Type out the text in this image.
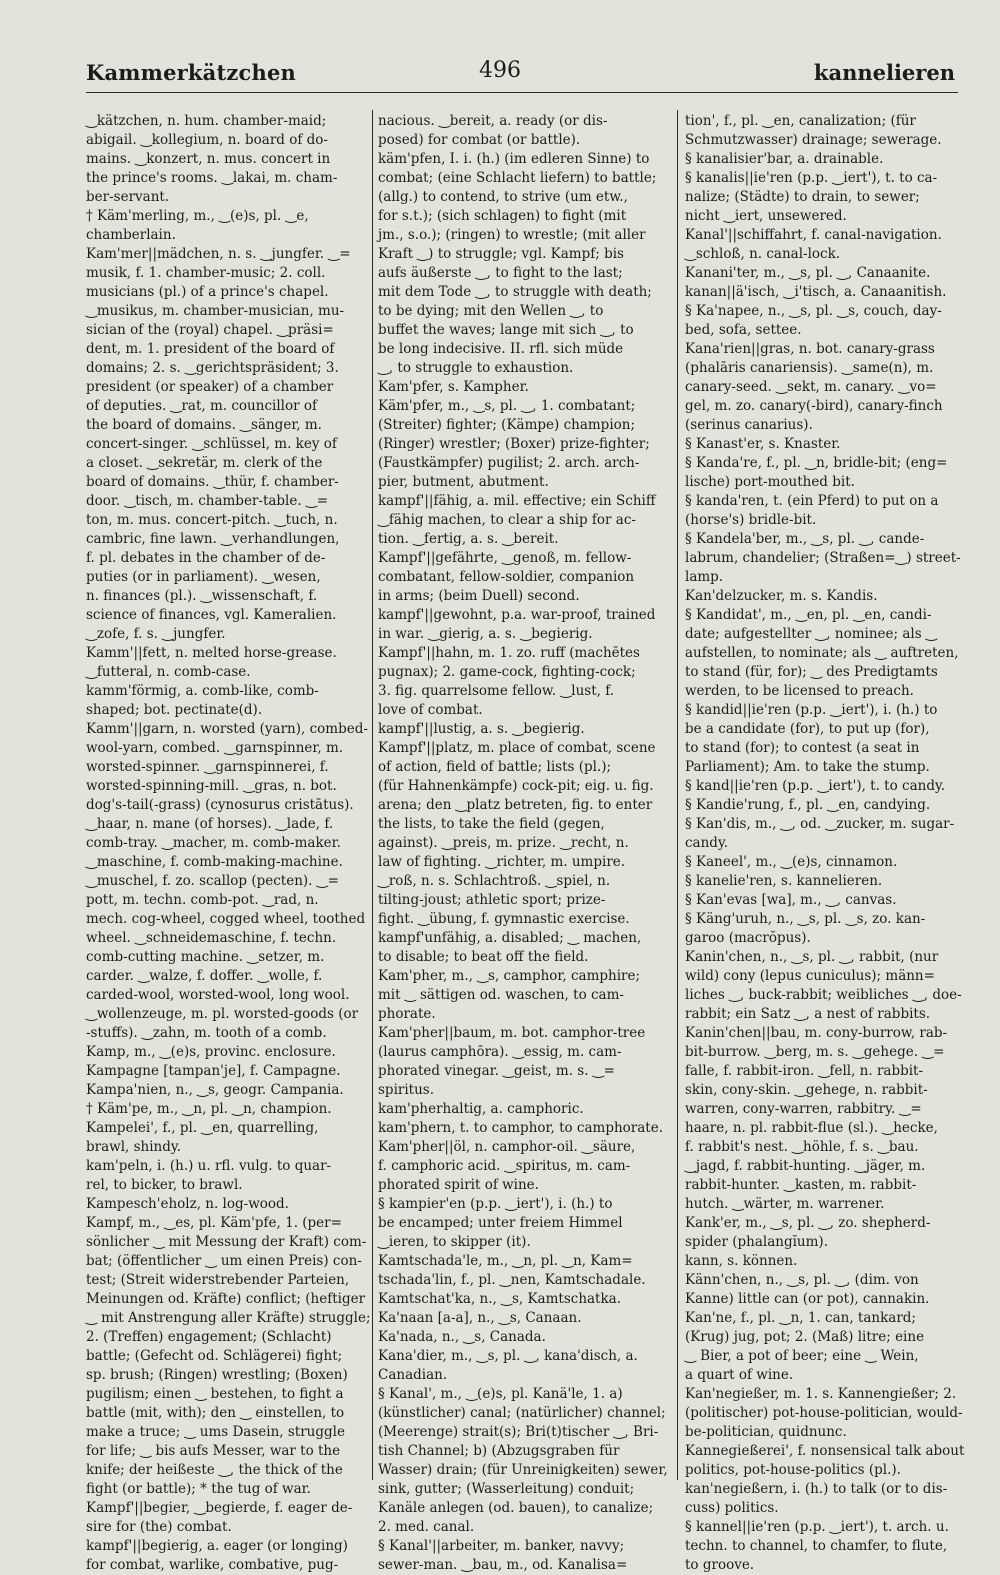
Kammerkätzchen	496	kannelieren
‿kätzchen, n. hum. chamber-maid;
abigail. ‿kollegium, n. board of do-
mains. ‿konzert, n. mus. concert in
the prince's rooms. ‿lakai, m. cham-
ber-servant.
† Käm'merling, m., ‿(e)s, pl. ‿e,
chamberlain.
Kam'mer||mädchen, n. s. ‿jungfer. ‿=
musik, f. 1. chamber-music; 2. coll.
musicians (pl.) of a prince's chapel.
‿musikus, m. chamber-musician, mu-
sician of the (royal) chapel. ‿präsi=
dent, m. 1. president of the board of
domains; 2. s. ‿gerichtspräsident; 3.
president (or speaker) of a chamber
of deputies. ‿rat, m. councillor of
the board of domains. ‿sänger, m.
concert-singer. ‿schlüssel, m. key of
a closet. ‿sekretär, m. clerk of the
board of domains. ‿thür, f. chamber-
door. ‿tisch, m. chamber-table. ‿=
ton, m. mus. concert-pitch. ‿tuch, n.
cambric, fine lawn. ‿verhandlungen,
f. pl. debates in the chamber of de-
puties (or in parliament). ‿wesen,
n. finances (pl.). ‿wissenschaft, f.
science of finances, vgl. Kameralien.
‿zofe, f. s. ‿jungfer.
Kamm'||fett, n. melted horse-grease.
‿futteral, n. comb-case.
kamm'förmig, a. comb-like, comb-
shaped; bot. pectinate(d).
Kamm'||garn, n. worsted (yarn), combed-
wool-yarn, combed. ‿garnspinner, m.
worsted-spinner. ‿garnspinnerei, f.
worsted-spinning-mill. ‿gras, n. bot.
dog's-tail(-grass) (cynosurus cristātus).
‿haar, n. mane (of horses). ‿lade, f.
comb-tray. ‿macher, m. comb-maker.
‿maschine, f. comb-making-machine.
‿muschel, f. zo. scallop (pecten). ‿=
pott, m. techn. comb-pot. ‿rad, n.
mech. cog-wheel, cogged wheel, toothed
wheel. ‿schneidemaschine, f. techn.
comb-cutting machine. ‿setzer, m.
carder. ‿walze, f. doffer. ‿wolle, f.
carded-wool, worsted-wool, long wool.
‿wollenzeuge, m. pl. worsted-goods (or
-stuffs). ‿zahn, m. tooth of a comb.
Kamp, m., ‿(e)s, provinc. enclosure.
Kampagne [tampan'je], f. Campagne.
Kampa'nien, n., ‿s, geogr. Campania.
† Käm'pe, m., ‿n, pl. ‿n, champion.
Kampelei', f., pl. ‿en, quarrelling,
brawl, shindy.
kam'peln, i. (h.) u. rfl. vulg. to quar-
rel, to bicker, to brawl.
Kampesch'eholz, n. log-wood.
Kampf, m., ‿es, pl. Käm'pfe, 1. (per=
sönlicher ‿ mit Messung der Kraft) com-
bat; (öffentlicher ‿ um einen Preis) con-
test; (Streit widerstrebender Parteien,
Meinungen od. Kräfte) conflict; (heftiger
‿ mit Anstrengung aller Kräfte) struggle;
2. (Treffen) engagement; (Schlacht)
battle; (Gefecht od. Schlägerei) fight;
sp. brush; (Ringen) wrestling; (Boxen)
pugilism; einen ‿ bestehen, to fight a
battle (mit, with); den ‿ einstellen, to
make a truce; ‿ ums Dasein, struggle
for life; ‿ bis aufs Messer, war to the
knife; der heißeste ‿, the thick of the
fight (or battle); * the tug of war.
Kampf'||begier, ‿begierde, f. eager de-
sire for (the) combat.
kampf'||begierig, a. eager (or longing)
for combat, warlike, combative, pug-
nacious. ‿bereit, a. ready (or dis-
posed) for combat (or battle).
käm'pfen, I. i. (h.) (im edleren Sinne) to
combat; (eine Schlacht liefern) to battle;
(allg.) to contend, to strive (um etw.,
for s.t.); (sich schlagen) to fight (mit
jm., s.o.); (ringen) to wrestle; (mit aller
Kraft ‿) to struggle; vgl. Kampf; bis
aufs äußerste ‿, to fight to the last;
mit dem Tode ‿, to struggle with death;
to be dying; mit den Wellen ‿, to
buffet the waves; lange mit sich ‿, to
be long indecisive. II. rfl. sich müde
‿, to struggle to exhaustion.
Kam'pfer, s. Kampher.
Käm'pfer, m., ‿s, pl. ‿, 1. combatant;
(Streiter) fighter; (Kämpe) champion;
(Ringer) wrestler; (Boxer) prize-fighter;
(Faustkämpfer) pugilist; 2. arch. arch-
pier, butment, abutment.
kampf'||fähig, a. mil. effective; ein Schiff
‿fähig machen, to clear a ship for ac-
tion. ‿fertig, a. s. ‿bereit.
Kampf'||gefährte, ‿genoß, m. fellow-
combatant, fellow-soldier, companion
in arms; (beim Duell) second.
kampf'||gewohnt, p.a. war-proof, trained
in war. ‿gierig, a. s. ‿begierig.
Kampf'||hahn, m. 1. zo. ruff (machētes
pugnax); 2. game-cock, fighting-cock;
3. fig. quarrelsome fellow. ‿lust, f.
love of combat.
kampf'||lustig, a. s. ‿begierig.
Kampf'||platz, m. place of combat, scene
of action, field of battle; lists (pl.);
(für Hahnenkämpfe) cock-pit; eig. u. fig.
arena; den ‿platz betreten, fig. to enter
the lists, to take the field (gegen,
against). ‿preis, m. prize. ‿recht, n.
law of fighting. ‿richter, m. umpire.
‿roß, n. s. Schlachtroß. ‿spiel, n.
tilting-joust; athletic sport; prize-
fight. ‿übung, f. gymnastic exercise.
kampf'unfähig, a. disabled; ‿ machen,
to disable; to beat off the field.
Kam'pher, m., ‿s, camphor, camphire;
mit ‿ sättigen od. waschen, to cam-
phorate.
Kam'pher||baum, m. bot. camphor-tree
(laurus camphōra). ‿essig, m. cam-
phorated vinegar. ‿geist, m. s. ‿=
spiritus.
kam'pherhaltig, a. camphoric.
kam'phern, t. to camphor, to camphorate.
Kam'pher||öl, n. camphor-oil. ‿säure,
f. camphoric acid. ‿spiritus, m. cam-
phorated spirit of wine.
§ kampier'en (p.p. ‿iert'), i. (h.) to
be encamped; unter freiem Himmel
‿ieren, to skipper (it).
Kamtschada'le, m., ‿n, pl. ‿n, Kam=
tschada'lin, f., pl. ‿nen, Kamtschadale.
Kamtschat'ka, n., ‿s, Kamtschatka.
Ka'naan [a-a], n., ‿s, Canaan.
Ka'nada, n., ‿s, Canada.
Kana'dier, m., ‿s, pl. ‿, kana'disch, a.
Canadian.
§ Kanal', m., ‿(e)s, pl. Kanä'le, 1. a)
(künstlicher) canal; (natürlicher) channel;
(Meerenge) strait(s); Bri(t)tischer ‿, Bri-
tish Channel; b) (Abzugsgraben für
Wasser) drain; (für Unreinigkeiten) sewer,
sink, gutter; (Wasserleitung) conduit;
Kanäle anlegen (od. bauen), to canalize;
2. med. canal.
§ Kanal'||arbeiter, m. banker, navvy;
sewer-man. ‿bau, m., od. Kanalisa=
tion', f., pl. ‿en, canalization; (für
Schmutzwasser) drainage; sewerage.
§ kanalisier'bar, a. drainable.
§ kanalis||ie'ren (p.p. ‿iert'), t. to ca-
nalize; (Städte) to drain, to sewer;
nicht ‿iert, unsewered.
Kanal'||schiffahrt, f. canal-navigation.
‿schloß, n. canal-lock.
Kanani'ter, m., ‿s, pl. ‿, Canaanite.
kanan||ä'isch, ‿i'tisch, a. Canaanitish.
§ Ka'napee, n., ‿s, pl. ‿s, couch, day-
bed, sofa, settee.
Kana'rien||gras, n. bot. canary-grass
(phalāris canariensis). ‿same(n), m.
canary-seed. ‿sekt, m. canary. ‿vo=
gel, m. zo. canary(-bird), canary-finch
(serinus canarius).
§ Kanast'er, s. Knaster.
§ Kanda're, f., pl. ‿n, bridle-bit; (eng=
lische) port-mouthed bit.
§ kanda'ren, t. (ein Pferd) to put on a
(horse's) bridle-bit.
§ Kandela'ber, m., ‿s, pl. ‿, cande-
labrum, chandelier; (Straßen=‿) street-
lamp.
Kan'delzucker, m. s. Kandis.
§ Kandidat', m., ‿en, pl. ‿en, candi-
date; aufgestellter ‿, nominee; als ‿
aufstellen, to nominate; als ‿ auftreten,
to stand (für, for); ‿ des Predigtamts
werden, to be licensed to preach.
§ kandid||ie'ren (p.p. ‿iert'), i. (h.) to
be a candidate (for), to put up (for),
to stand (for); to contest (a seat in
Parliament); Am. to take the stump.
§ kand||ie'ren (p.p. ‿iert'), t. to candy.
§ Kandie'rung, f., pl. ‿en, candying.
§ Kan'dis, m., ‿, od. ‿zucker, m. sugar-
candy.
§ Kaneel', m., ‿(e)s, cinnamon.
§ kanelie'ren, s. kannelieren.
§ Kan'evas [wa], m., ‿, canvas.
§ Käng'uruh, n., ‿s, pl. ‿s, zo. kan-
garoo (macrŏpus).
Kanin'chen, n., ‿s, pl. ‿, rabbit, (nur
wild) cony (lepus cuniculus); männ=
liches ‿, buck-rabbit; weibliches ‿, doe-
rabbit; ein Satz ‿, a nest of rabbits.
Kanin'chen||bau, m. cony-burrow, rab-
bit-burrow. ‿berg, m. s. ‿gehege. ‿=
falle, f. rabbit-iron. ‿fell, n. rabbit-
skin, cony-skin. ‿gehege, n. rabbit-
warren, cony-warren, rabbitry. ‿=
haare, n. pl. rabbit-flue (sl.). ‿hecke,
f. rabbit's nest. ‿höhle, f. s. ‿bau.
‿jagd, f. rabbit-hunting. ‿jäger, m.
rabbit-hunter. ‿kasten, m. rabbit-
hutch. ‿wärter, m. warrener.
Kank'er, m., ‿s, pl. ‿, zo. shepherd-
spider (phalangĭum).
kann, s. können.
Känn'chen, n., ‿s, pl. ‿, (dim. von
Kanne) little can (or pot), cannakin.
Kan'ne, f., pl. ‿n, 1. can, tankard;
(Krug) jug, pot; 2. (Maß) litre; eine
‿ Bier, a pot of beer; eine ‿ Wein,
a quart of wine.
Kan'negießer, m. 1. s. Kannengießer; 2.
(politischer) pot-house-politician, would-
be-politician, quidnunc.
Kannegießerei', f. nonsensical talk about
politics, pot-house-politics (pl.).
kan'negießern, i. (h.) to talk (or to dis-
cuss) politics.
§ kannel||ie'ren (p.p. ‿iert'), t. arch. u.
techn. to channel, to chamfer, to flute,
to groove.
